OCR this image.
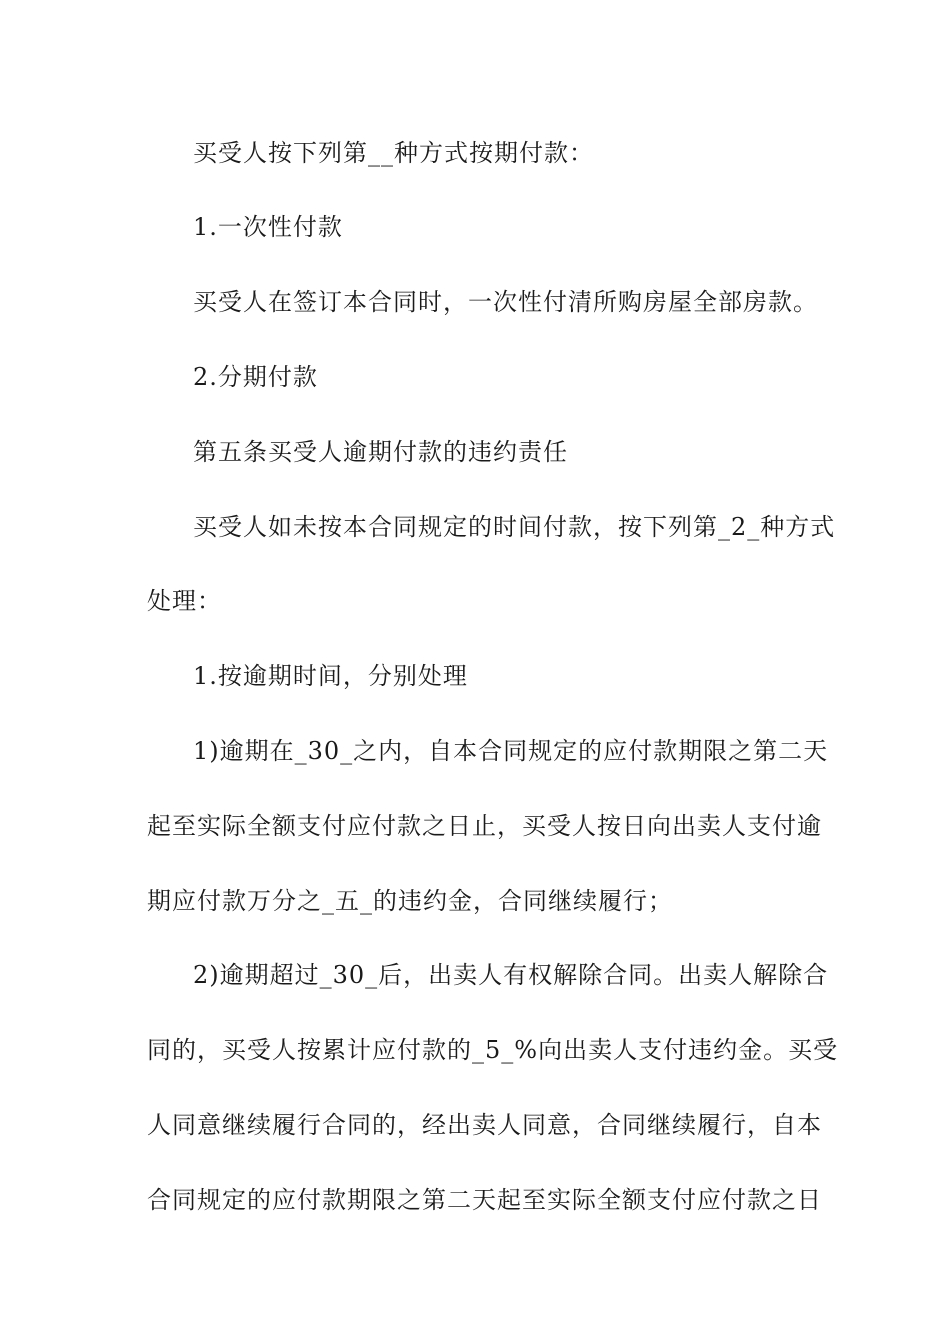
买受人按下列第__种方式按期付款：
1.一次性付款
买受人在签订本合同时，一次性付清所购房屋全部房款。
2.分期付款
第五条买受人逾期付款的违约责任
买受人如未按本合同规定的时间付款，按下列第_2_种方式
处理：
1.按逾期时间，分别处理
1)逾期在_30_之内，自本合同规定的应付款期限之第二天
起至实际全额支付应付款之日止，买受人按日向出卖人支付逾
期应付款万分之_五_的违约金，合同继续履行；
2)逾期超过_30_后，出卖人有权解除合同。出卖人解除合
同的，买受人按累计应付款的_5_%向出卖人支付违约金。买受
人同意继续履行合同的，经出卖人同意，合同继续履行，自本
合同规定的应付款期限之第二天起至实际全额支付应付款之日
